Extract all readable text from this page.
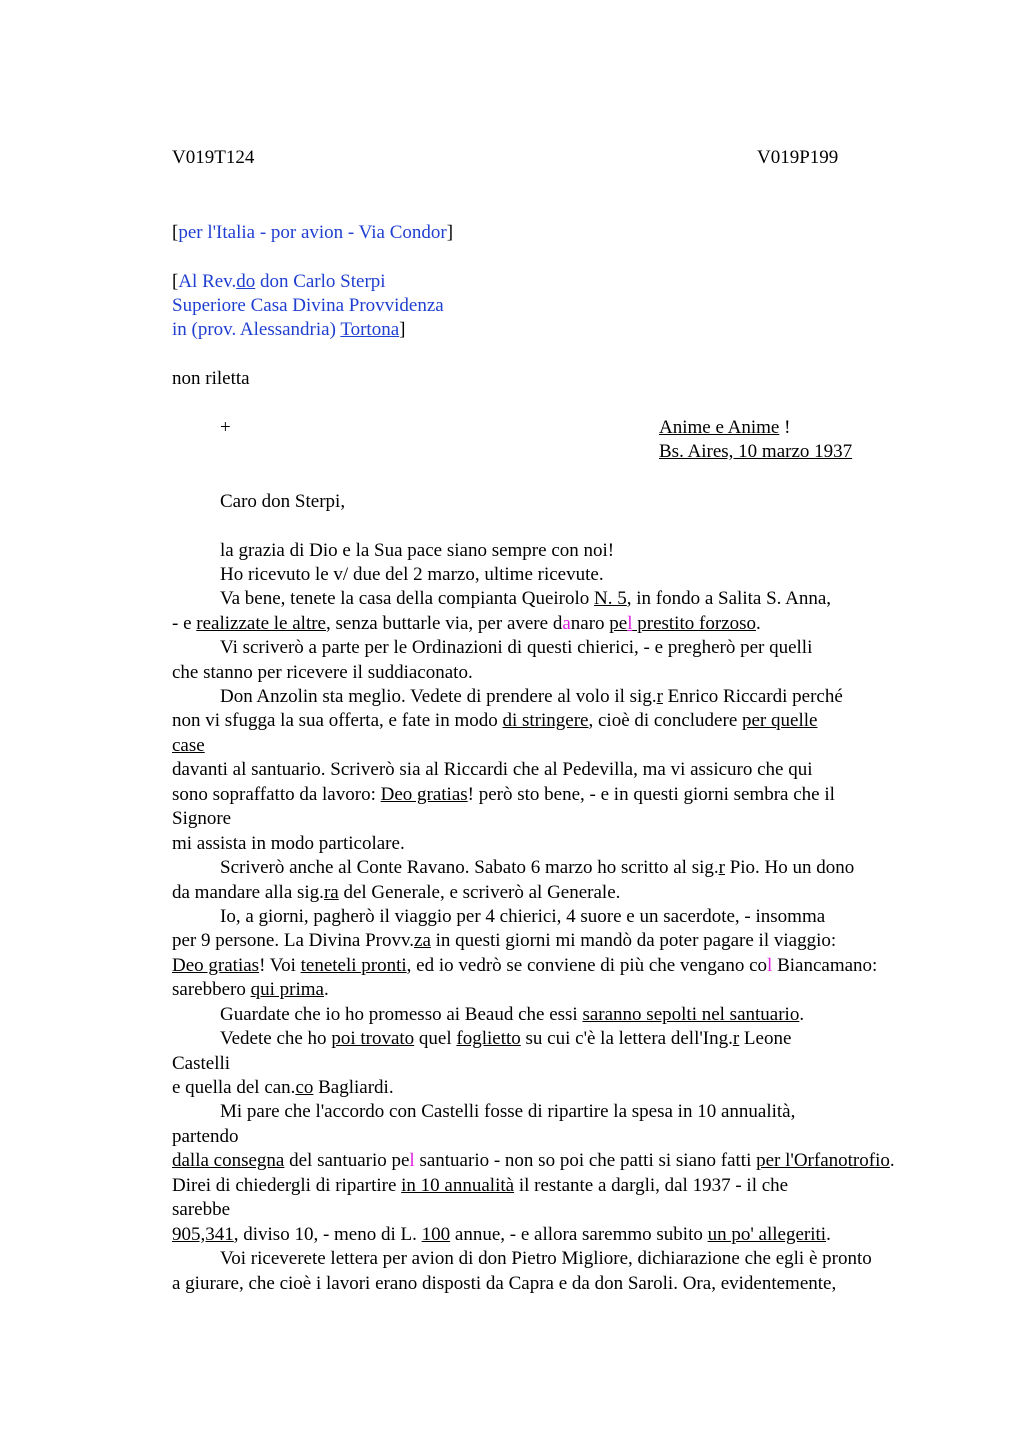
V019T124	V019P199
[per l'Italia - por avion - Via Condor]
[Al Rev.do don Carlo Sterpi
Superiore Casa Divina Provvidenza
in (prov. Alessandria) Tortona]
non riletta
+	Anime e Anime !
Bs. Aires, 10 marzo 1937
Caro don Sterpi,
la grazia di Dio e la Sua pace siano sempre con noi!
Ho ricevuto le v/ due del 2 marzo, ultime ricevute.
Va bene, tenete la casa della compianta Queirolo N. 5, in fondo a Salita S. Anna,
- e realizzate le altre, senza buttarle via, per avere danaro pel prestito forzoso.
Vi scriverò a parte per le Ordinazioni di questi chierici, - e pregherò per quelli
che stanno per ricevere il suddiaconato.
Don Anzolin sta meglio. Vedete di prendere al volo il sig.r Enrico Riccardi perché
non vi sfugga la sua offerta, e fate in modo di stringere, cioè di concludere per quelle
case
davanti al santuario. Scriverò sia al Riccardi che al Pedevilla, ma vi assicuro che qui
sono sopraffatto da lavoro: Deo gratias! però sto bene, - e in questi giorni sembra che il
Signore
mi assista in modo particolare.
Scriverò anche al Conte Ravano. Sabato 6 marzo ho scritto al sig.r Pio. Ho un dono
da mandare alla sig.ra del Generale, e scriverò al Generale.
Io, a giorni, pagherò il viaggio per 4 chierici, 4 suore e un sacerdote, - insomma
per 9 persone. La Divina Provv.za in questi giorni mi mandò da poter pagare il viaggio:
Deo gratias! Voi teneteli pronti, ed io vedrò se conviene di più che vengano col Biancamano:
sarebbero qui prima.
Guardate che io ho promesso ai Beaud che essi saranno sepolti nel santuario.
Vedete che ho poi trovato quel foglietto su cui c'è la lettera dell'Ing.r Leone
Castelli
e quella del can.co Bagliardi.
Mi pare che l'accordo con Castelli fosse di ripartire la spesa in 10 annualità,
partendo
dalla consegna del santuario pel santuario - non so poi che patti si siano fatti per l'Orfanotrofio.
Direi di chiedergli di ripartire in 10 annualità il restante a dargli, dal 1937 - il che
sarebbe
905,341, diviso 10, - meno di L. 100 annue, - e allora saremmo subito un po' allegeriti.
Voi riceverete lettera per avion di don Pietro Migliore, dichiarazione che egli è pronto
a giurare, che cioè i lavori erano disposti da Capra e da don Saroli. Ora, evidentemente,
